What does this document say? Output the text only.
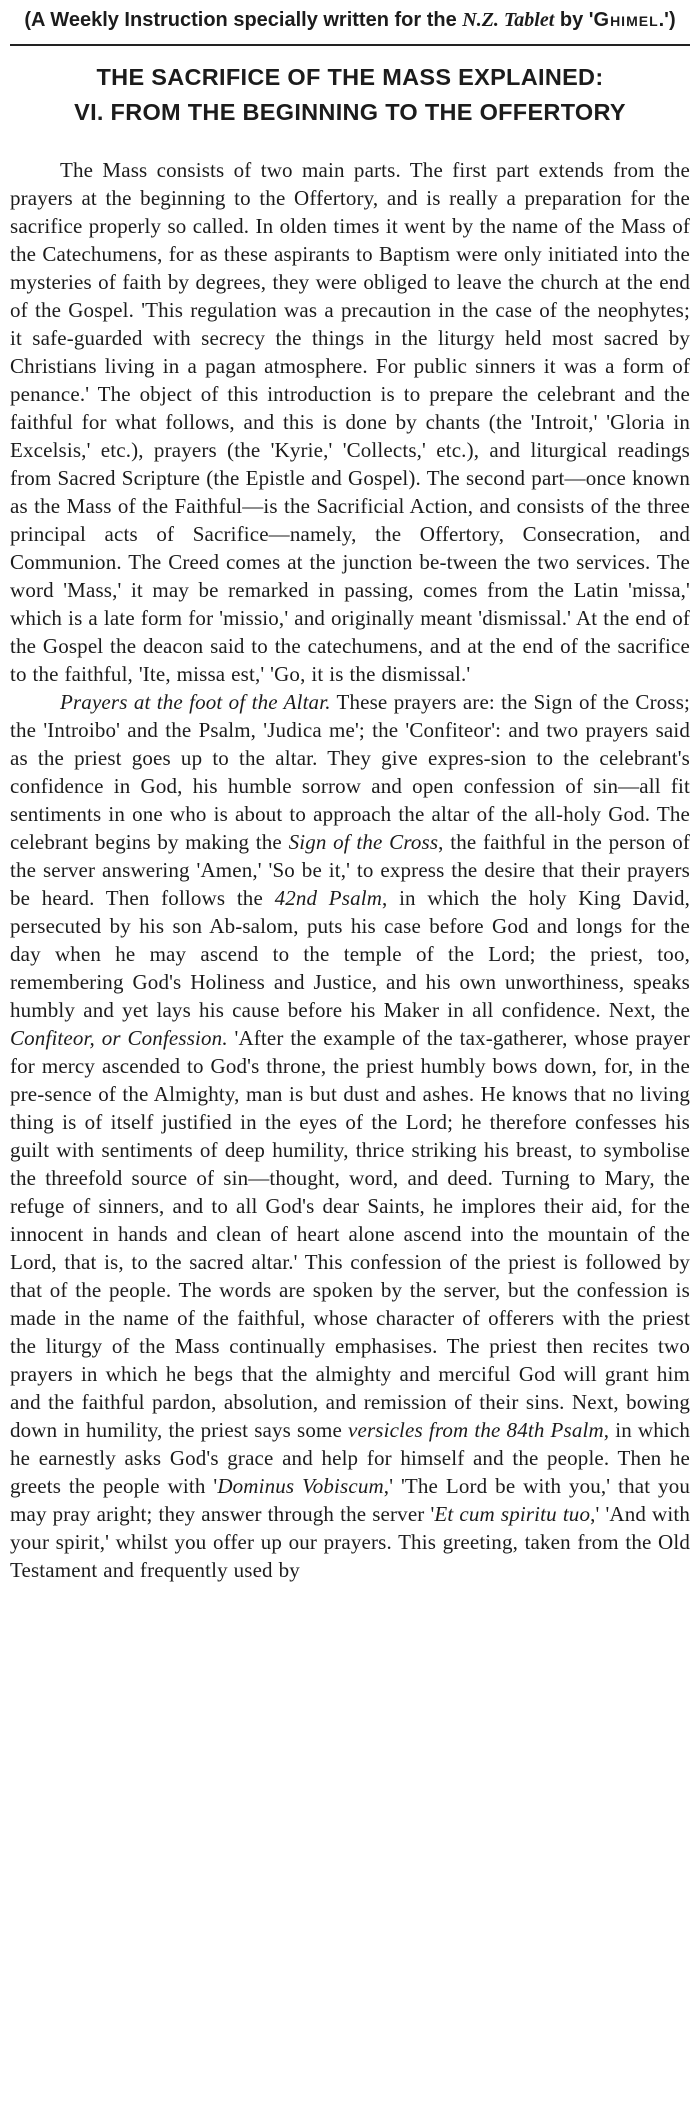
(A Weekly Instruction specially written for the N.Z. Tablet by 'Ghimel.')
THE SACRIFICE OF THE MASS EXPLAINED:
VI. FROM THE BEGINNING TO THE OFFERTORY

The Mass consists of two main parts. The first part extends from the prayers at the beginning to the Offertory, and is really a preparation for the sacrifice properly so called. In olden times it went by the name of the Mass of the Catechumens, for as these aspirants to Baptism were only initiated into the mysteries of faith by degrees, they were obliged to leave the church at the end of the Gospel. 'This regulation was a precaution in the case of the neophytes; it safe-guarded with secrecy the things in the liturgy held most sacred by Christians living in a pagan atmosphere. For public sinners it was a form of penance.' The object of this introduction is to prepare the celebrant and the faithful for what follows, and this is done by chants (the 'Introit,' 'Gloria in Excelsis,' etc.), prayers (the 'Kyrie,' 'Collects,' etc.), and liturgical readings from Sacred Scripture (the Epistle and Gospel). The second part—once known as the Mass of the Faithful—is the Sacrificial Action, and consists of the three principal acts of Sacrifice—namely, the Offertory, Consecration, and Communion. The Creed comes at the junction be-tween the two services. The word 'Mass,' it may be remarked in passing, comes from the Latin 'missa,' which is a late form for 'missio,' and originally meant 'dismissal.' At the end of the Gospel the deacon said to the catechumens, and at the end of the sacrifice to the faithful, 'Ite, missa est,' 'Go, it is the dismissal.'

Prayers at the foot of the Altar. These prayers are: the Sign of the Cross; the 'Introibo' and the Psalm, 'Judica me'; the 'Confiteor': and two prayers said as the priest goes up to the altar. They give expres-sion to the celebrant's confidence in God, his humble sorrow and open confession of sin—all fit sentiments in one who is about to approach the altar of the all-holy God. The celebrant begins by making the Sign of the Cross, the faithful in the person of the server answering 'Amen,' 'So be it,' to express the desire that their prayers be heard. Then follows the 42nd Psalm, in which the holy King David, persecuted by his son Ab-salom, puts his case before God and longs for the day when he may ascend to the temple of the Lord; the priest, too, remembering God's Holiness and Justice, and his own unworthiness, speaks humbly and yet lays his cause before his Maker in all confidence. Next, the Confiteor, or Confession. 'After the example of the tax-gatherer, whose prayer for mercy ascended to God's throne, the priest humbly bows down, for, in the pre-sence of the Almighty, man is but dust and ashes. He knows that no living thing is of itself justified in the eyes of the Lord; he therefore confesses his guilt with sentiments of deep humility, thrice striking his breast, to symbolise the threefold source of sin—thought, word, and deed. Turning to Mary, the refuge of sinners, and to all God's dear Saints, he implores their aid, for the innocent in hands and clean of heart alone ascend into the mountain of the Lord, that is, to the sacred altar.' This confession of the priest is followed by that of the people. The words are spoken by the server, but the confession is made in the name of the faithful, whose character of offerers with the priest the liturgy of the Mass continually emphasises. The priest then recites two prayers in which he begs that the almighty and merciful God will grant him and the faithful pardon, absolution, and remission of their sins. Next, bowing down in humility, the priest says some versicles from the 84th Psalm, in which he earnestly asks God's grace and help for himself and the people. Then he greets the people with 'Dominus Vobiscum,' 'The Lord be with you,' that you may pray aright; they answer through the server 'Et cum spiritu tuo,' 'And with your spirit,' whilst you offer up our prayers. This greeting, taken from the Old Testament and frequently used by
